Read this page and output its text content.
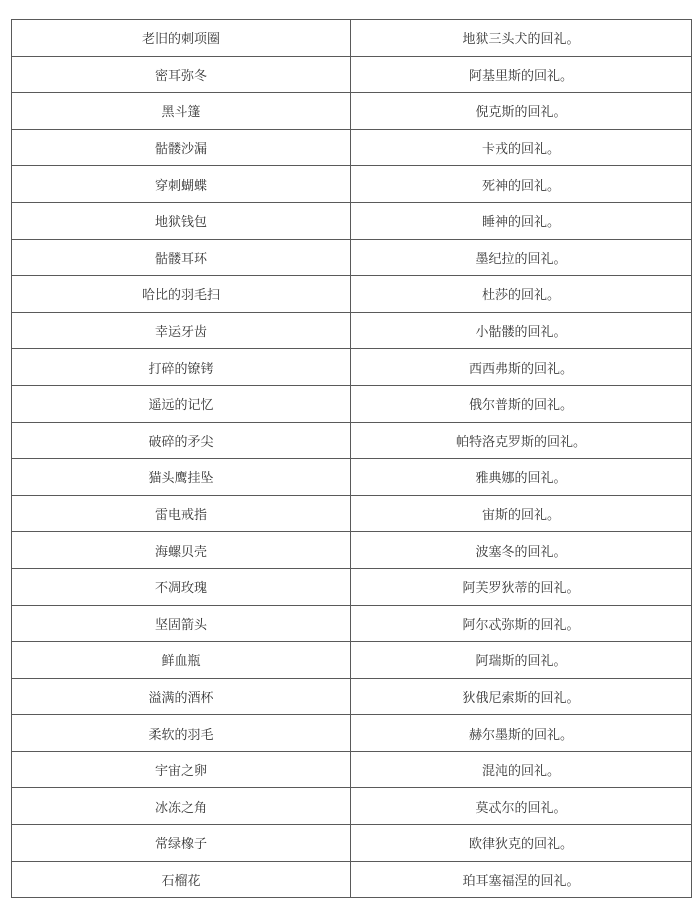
老旧的刺项圈	地狱三头犬的回礼。
密耳弥冬	阿基里斯的回礼。
黑斗篷	倪克斯的回礼。
骷髅沙漏	卡戎的回礼。
穿刺蝴蝶	死神的回礼。
地狱钱包	睡神的回礼。
骷髅耳环	墨纪拉的回礼。
哈比的羽毛扫	杜莎的回礼。
幸运牙齿	小骷髅的回礼。
打碎的镣铐	西西弗斯的回礼。
遥远的记忆	俄尔普斯的回礼。
破碎的矛尖	帕特洛克罗斯的回礼。
猫头鹰挂坠	雅典娜的回礼。
雷电戒指	宙斯的回礼。
海螺贝壳	波塞冬的回礼。
不凋玫瑰	阿芙罗狄蒂的回礼。
坚固箭头	阿尔忒弥斯的回礼。
鲜血瓶	阿瑞斯的回礼。
溢满的酒杯	狄俄尼索斯的回礼。
柔软的羽毛	赫尔墨斯的回礼。
宇宙之卵	混沌的回礼。
冰冻之角	莫忒尔的回礼。
常绿橡子	欧律狄克的回礼。
石榴花	珀耳塞福涅的回礼。
